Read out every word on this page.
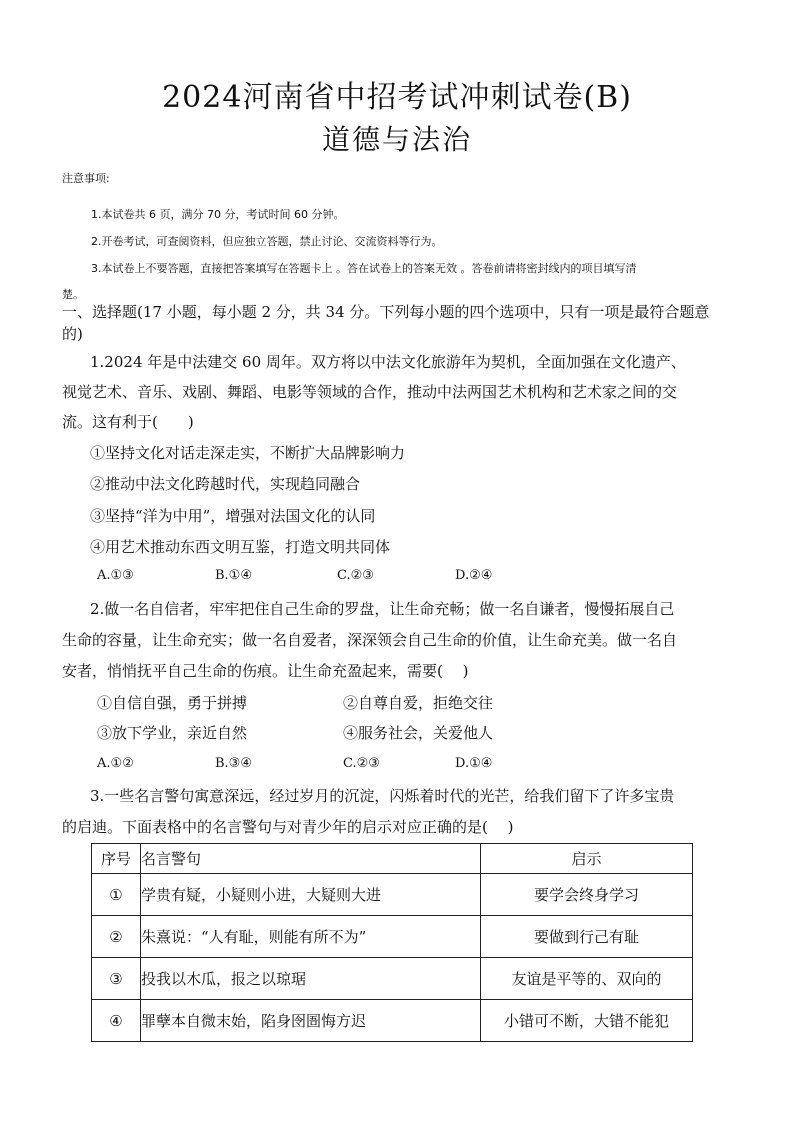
2024河南省中招考试冲刺试卷(B)
道德与法治
注意事项:
1.本试卷共 6 页，满分 70 分，考试时间 60 分钟。
2.开卷考试，可查阅资料，但应独立答题，禁止讨论、交流资料等行为。
3.本试卷上不要答题，直接把答案填写在答题卡上 。答在试卷上的答案无效 。答卷前请将密封线内的项目填写清
楚。
一、选择题(17 小题，每小题 2 分，共 34 分。下列每小题的四个选项中，只有一项是最符合题意
的)
1.2024 年是中法建交 60 周年。双方将以中法文化旅游年为契机，全面加强在文化遗产、
视觉艺术、音乐、戏剧、舞蹈、电影等领域的合作，推动中法两国艺术机构和艺术家之间的交
流。这有利于(　　)
①坚持文化对话走深走实，不断扩大品牌影响力
②推动中法文化跨越时代，实现趋同融合
③坚持“洋为中用”，增强对法国文化的认同
④用艺术推动东西文明互鉴，打造文明共同体
A.①③	B.①④	C.②③	D.②④
2.做一名自信者，牢牢把住自己生命的罗盘，让生命充畅；做一名自谦者，慢慢拓展自己
生命的容量，让生命充实；做一名自爱者，深深领会自己生命的价值，让生命充美。做一名自
安者，悄悄抚平自己生命的伤痕。让生命充盈起来，需要(　 )
①自信自强，勇于拼搏	②自尊自爱，拒绝交往
③放下学业，亲近自然	④服务社会，关爱他人
A.①②	B.③④	C.②③	D.①④
3.一些名言警句寓意深远，经过岁月的沉淀，闪烁着时代的光芒，给我们留下了许多宝贵
的启迪。下面表格中的名言警句与对青少年的启示对应正确的是(　 )
序号	名言警句	启示
①	学贵有疑，小疑则小进，大疑则大进	要学会终身学习
②	朱熹说：“人有耻，则能有所不为”	要做到行己有耻
③	投我以木瓜，报之以琼琚	友谊是平等的、双向的
④	罪孽本自微末始，陷身囹圄悔方迟	小错可不断，大错不能犯
